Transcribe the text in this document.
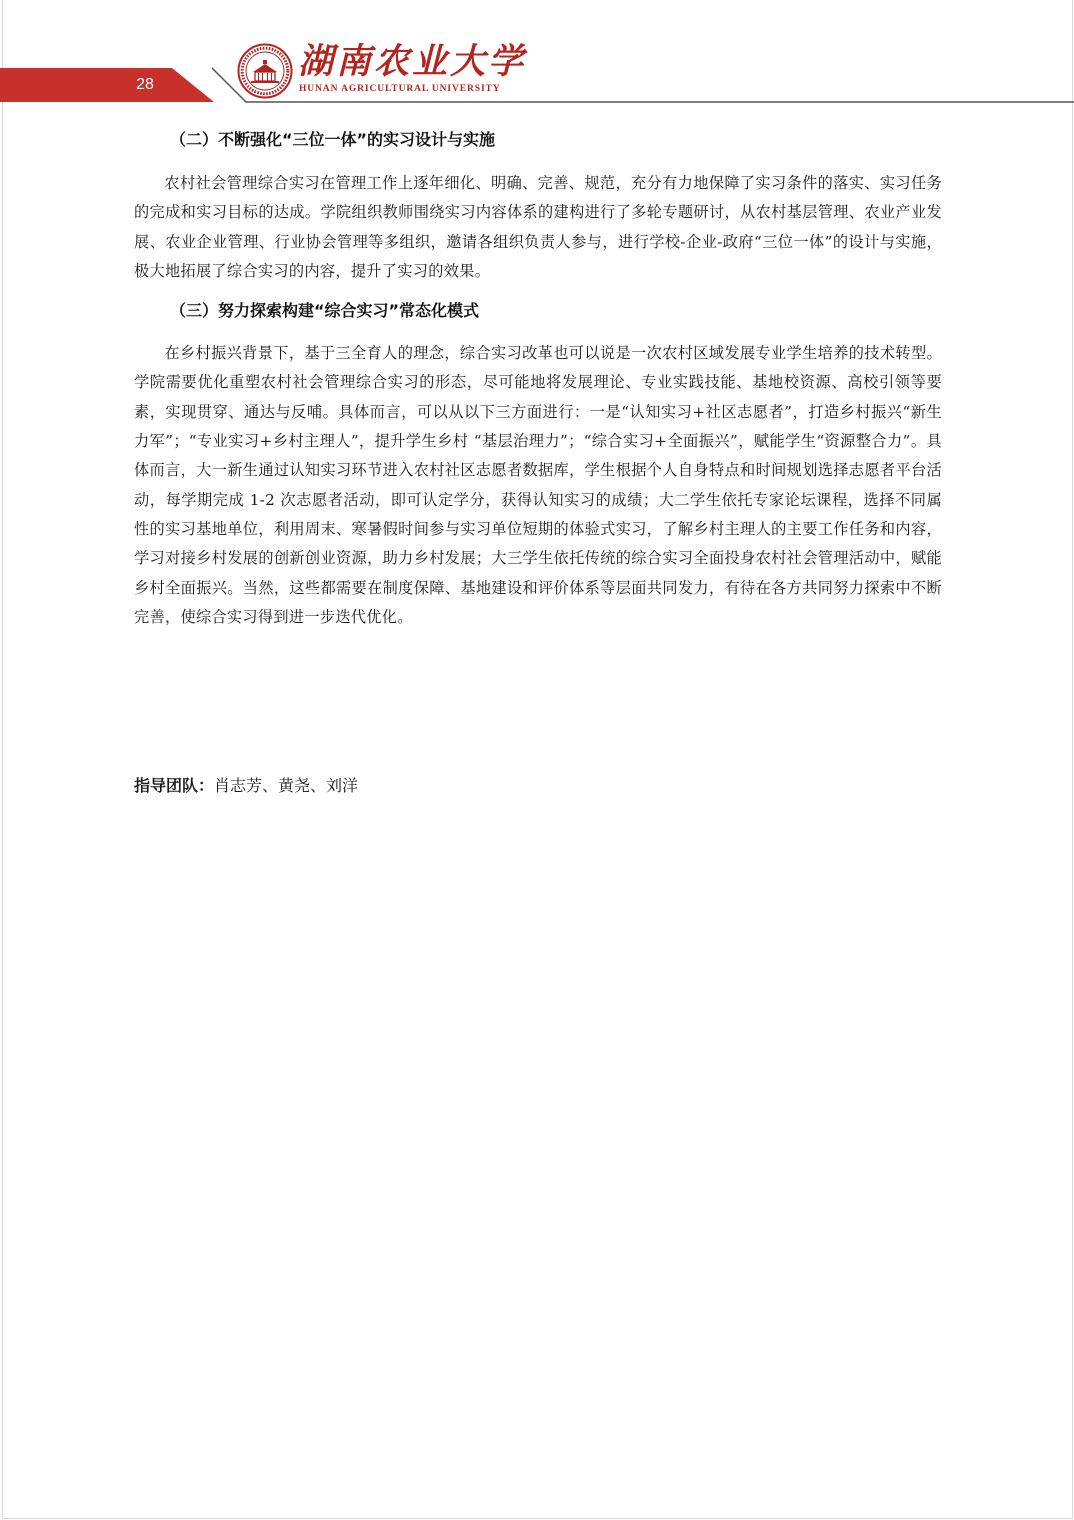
28
湖南农业大学
HUNAN AGRICULTURAL UNIVERSITY
（二）不断强化“三位一体”的实习设计与实施

农村社会管理综合实习在管理工作上逐年细化、明确、完善、规范，充分有力地保障了实习条件的落实、实习任务的完成和实习目标的达成。学院组织教师围绕实习内容体系的建构进行了多轮专题研讨，从农村基层管理、农业产业发展、农业企业管理、行业协会管理等多组织，邀请各组织负责人参与，进行学校-企业-政府“三位一体”的设计与实施，极大地拓展了综合实习的内容，提升了实习的效果。

（三）努力探索构建“综合实习”常态化模式

在乡村振兴背景下，基于三全育人的理念，综合实习改革也可以说是一次农村区域发展专业学生培养的技术转型。学院需要优化重塑农村社会管理综合实习的形态，尽可能地将发展理论、专业实践技能、基地校资源、高校引领等要素，实现贯穿、通达与反哺。具体而言，可以从以下三方面进行：一是“认知实习+社区志愿者”，打造乡村振兴“新生力军”；“专业实习+乡村主理人”，提升学生乡村 “基层治理力”；“综合实习+全面振兴”，赋能学生“资源整合力”。具体而言，大一新生通过认知实习环节进入农村社区志愿者数据库，学生根据个人自身特点和时间规划选择志愿者平台活动，每学期完成 1-2 次志愿者活动，即可认定学分，获得认知实习的成绩；大二学生依托专家论坛课程，选择不同属性的实习基地单位，利用周末、寒暑假时间参与实习单位短期的体验式实习，了解乡村主理人的主要工作任务和内容，学习对接乡村发展的创新创业资源，助力乡村发展；大三学生依托传统的综合实习全面投身农村社会管理活动中，赋能乡村全面振兴。当然，这些都需要在制度保障、基地建设和评价体系等层面共同发力，有待在各方共同努力探索中不断完善，使综合实习得到进一步迭代优化。

指导团队：肖志芳、黄尧、刘洋
